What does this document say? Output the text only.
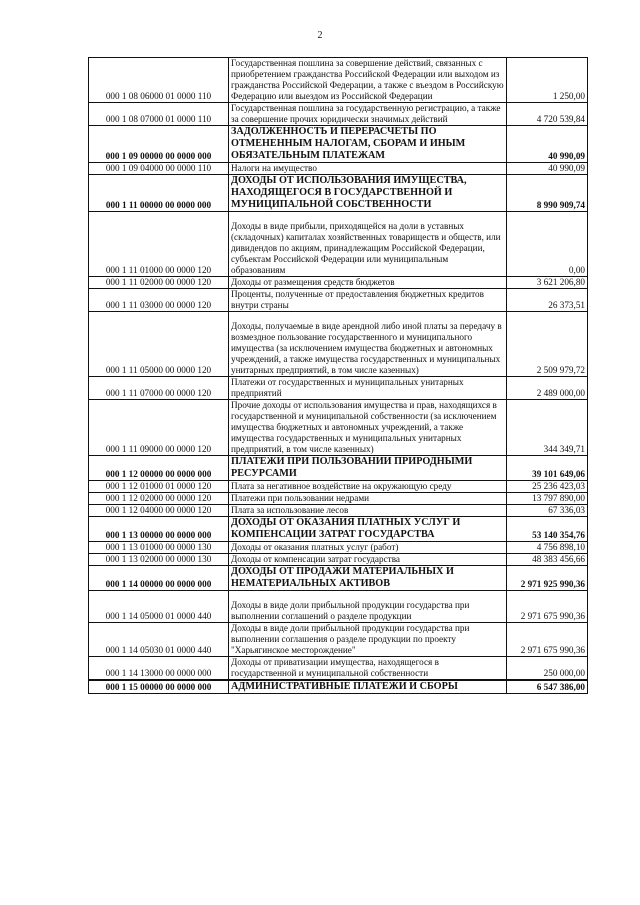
2
000 1 08 06000 01 0000 110	Государственная пошлина за совершение действий, связанных с приобретением гражданства Российской Федерации или выходом из гражданства Российской Федерации, а также с въездом в Российскую Федерацию или выездом из Российской Федерации	1 250,00
000 1 08 07000 01 0000 110	Государственная пошлина за государственную регистрацию, а также за совершение прочих юридически значимых действий	4 720 539,84
000 1 09 00000 00 0000 000	ЗАДОЛЖЕННОСТЬ И ПЕРЕРАСЧЕТЫ ПО ОТМЕНЕННЫМ НАЛОГАМ, СБОРАМ И ИНЫМ ОБЯЗАТЕЛЬНЫМ ПЛАТЕЖАМ	40 990,09
000 1 09 04000 00 0000 110	Налоги на имущество	40 990,09
000 1 11 00000 00 0000 000	ДОХОДЫ ОТ ИСПОЛЬЗОВАНИЯ ИМУЩЕСТВА, НАХОДЯЩЕГОСЯ В ГОСУДАРСТВЕННОЙ И МУНИЦИПАЛЬНОЙ СОБСТВЕННОСТИ	8 990 909,74
000 1 11 01000 00 0000 120	Доходы в виде прибыли, приходящейся на доли в уставных (складочных) капиталах хозяйственных товариществ и обществ, или дивидендов по акциям, принадлежащим Российской Федерации, субъектам Российской Федерации или муниципальным образованиям	0,00
000 1 11 02000 00 0000 120	Доходы от размещения средств бюджетов	3 621 206,80
000 1 11 03000 00 0000 120	Проценты, полученные от предоставления бюджетных кредитов внутри страны	26 373,51
000 1 11 05000 00 0000 120	Доходы, получаемые в виде арендной либо иной платы за передачу в возмездное пользование государственного и муниципального имущества (за исключением имущества бюджетных и автономных учреждений, а также имущества государственных и муниципальных унитарных предприятий, в том числе казенных)	2 509 979,72
000 1 11 07000 00 0000 120	Платежи от государственных и муниципальных унитарных предприятий	2 489 000,00
000 1 11 09000 00 0000 120	Прочие доходы от использования имущества и прав, находящихся в государственной и муниципальной собственности (за исключением имущества бюджетных и автономных учреждений, а также имущества государственных и муниципальных унитарных предприятий, в том числе казенных)	344 349,71
000 1 12 00000 00 0000 000	ПЛАТЕЖИ ПРИ ПОЛЬЗОВАНИИ ПРИРОДНЫМИ РЕСУРСАМИ	39 101 649,06
000 1 12 01000 01 0000 120	Плата за негативное воздействие на окружающую среду	25 236 423,03
000 1 12 02000 00 0000 120	Платежи при пользовании недрами	13 797 890,00
000 1 12 04000 00 0000 120	Плата за использование лесов	67 336,03
000 1 13 00000 00 0000 000	ДОХОДЫ ОТ ОКАЗАНИЯ ПЛАТНЫХ УСЛУГ И КОМПЕНСАЦИИ ЗАТРАТ ГОСУДАРСТВА	53 140 354,76
000 1 13 01000 00 0000 130	Доходы от оказания платных услуг (работ)	4 756 898,10
000 1 13 02000 00 0000 130	Доходы от компенсации затрат государства	48 383 456,66
000 1 14 00000 00 0000 000	ДОХОДЫ ОТ ПРОДАЖИ МАТЕРИАЛЬНЫХ И НЕМАТЕРИАЛЬНЫХ АКТИВОВ	2 971 925 990,36
000 1 14 05000 01 0000 440	Доходы в виде доли прибыльной продукции государства при выполнении соглашений о разделе продукции	2 971 675 990,36
000 1 14 05030 01 0000 440	Доходы в виде доли прибыльной продукции государства при выполнении соглашения о разделе продукции по проекту "Харьягинское месторождение"	2 971 675 990,36
000 1 14 13000 00 0000 000	Доходы от приватизации имущества, находящегося в государственной и муниципальной собственности	250 000,00
000 1 15 00000 00 0000 000	АДМИНИСТРАТИВНЫЕ ПЛАТЕЖИ И СБОРЫ	6 547 386,00
